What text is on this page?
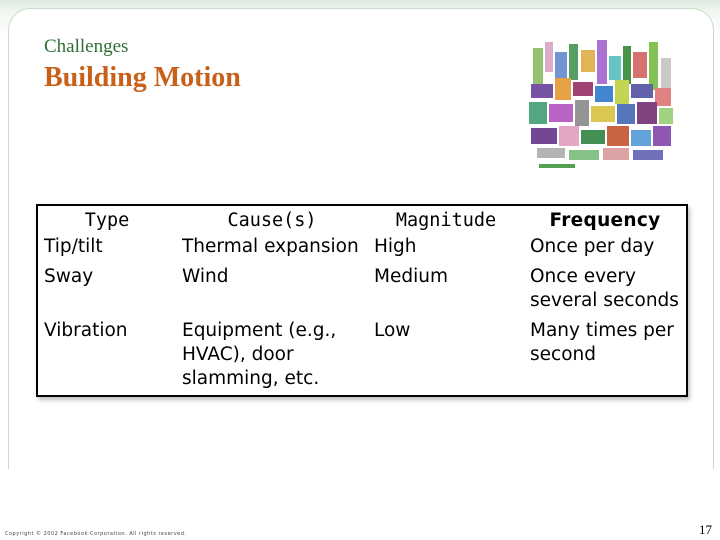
Challenges
Building Motion
Type	Cause(s)	Magnitude	Frequency
Tip/tilt	Thermal expansion	High	Once per day
Sway	Wind	Medium	Once every several seconds
Vibration	Equipment (e.g., HVAC), door slamming, etc.	Low	Many times per second
Copyright © 2002 Facebook Corporation. All rights reserved.	17
